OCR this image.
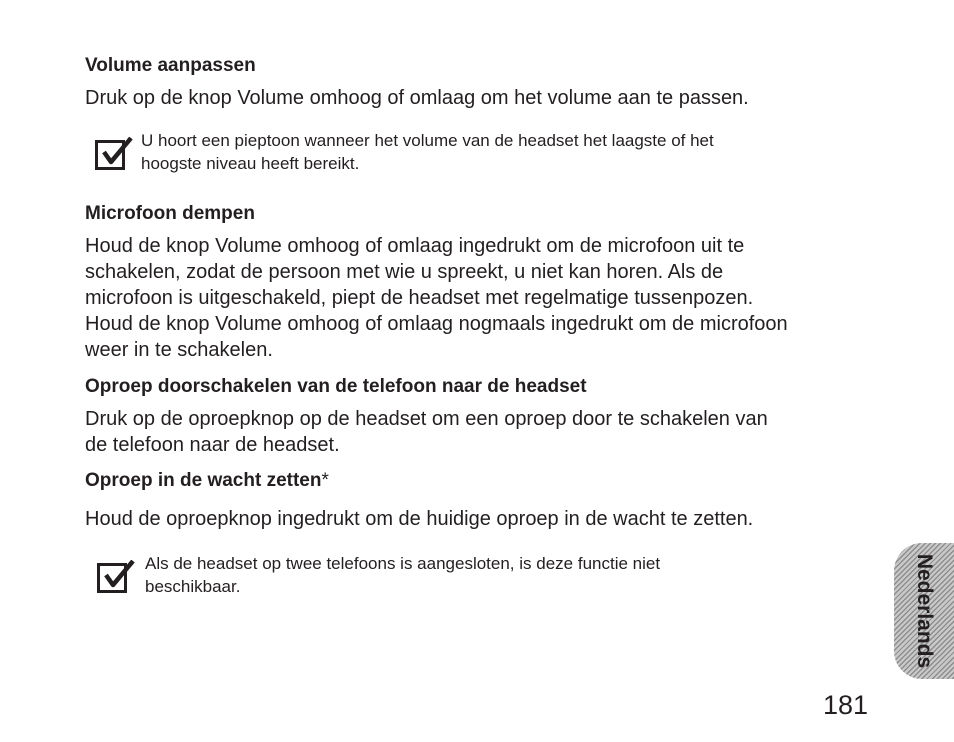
Volume aanpassen
Druk op de knop Volume omhoog of omlaag om het volume aan te passen.
U hoort een pieptoon wanneer het volume van de headset het laagste of het
hoogste niveau heeft bereikt.
Microfoon dempen
Houd de knop Volume omhoog of omlaag ingedrukt om de microfoon uit te
schakelen, zodat de persoon met wie u spreekt, u niet kan horen. Als de
microfoon is uitgeschakeld, piept de headset met regelmatige tussenpozen.
Houd de knop Volume omhoog of omlaag nogmaals ingedrukt om de microfoon
weer in te schakelen.
Oproep doorschakelen van de telefoon naar de headset
Druk op de oproepknop op de headset om een oproep door te schakelen van
de telefoon naar de headset.
Oproep in de wacht zetten*
Houd de oproepknop ingedrukt om de huidige oproep in de wacht te zetten.
Als de headset op twee telefoons is aangesloten, is deze functie niet
beschikbaar.	Nederlands
181
